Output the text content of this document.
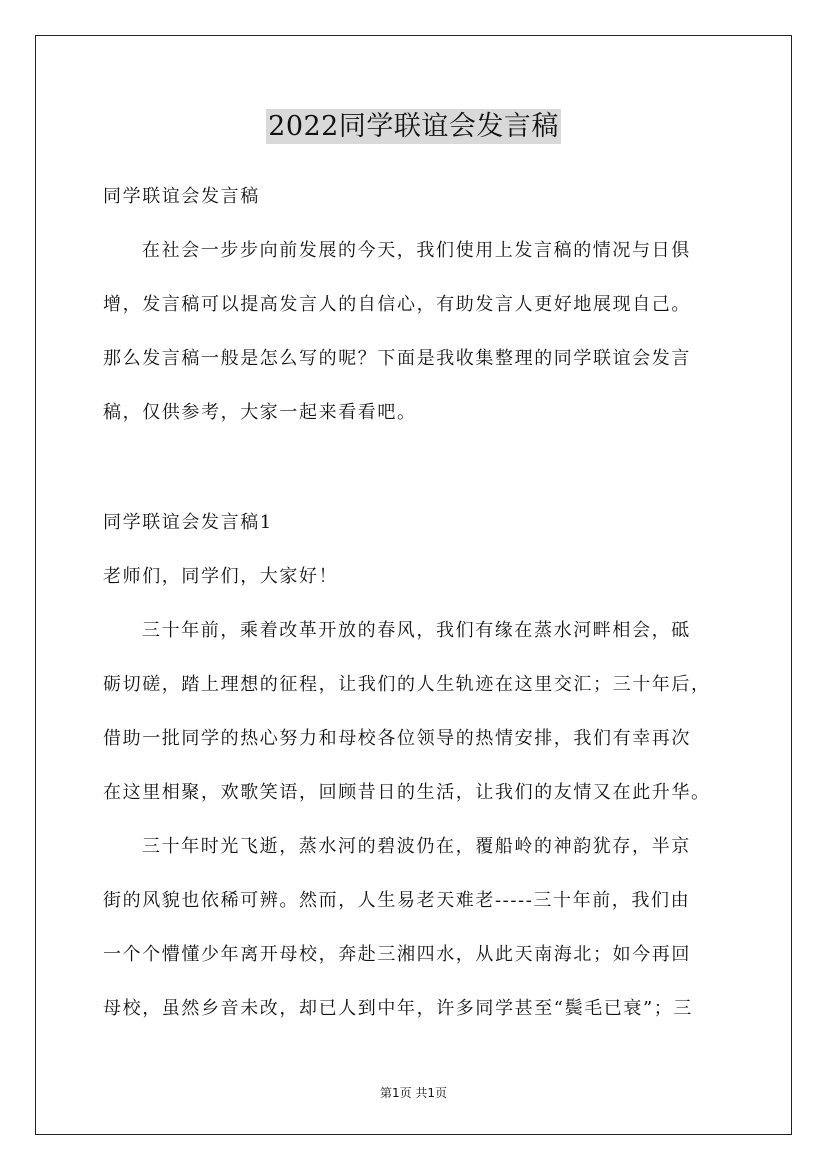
2022同学联谊会发言稿
同学联谊会发言稿
在社会一步步向前发展的今天，我们使用上发言稿的情况与日俱
增，发言稿可以提高发言人的自信心，有助发言人更好地展现自己。
那么发言稿一般是怎么写的呢？下面是我收集整理的同学联谊会发言
稿，仅供参考，大家一起来看看吧。
同学联谊会发言稿1
老师们，同学们，大家好！
三十年前，乘着改革开放的春风，我们有缘在蒸水河畔相会，砥
砺切磋，踏上理想的征程，让我们的人生轨迹在这里交汇；三十年后，
借助一批同学的热心努力和母校各位领导的热情安排，我们有幸再次
在这里相聚，欢歌笑语，回顾昔日的生活，让我们的友情又在此升华。
三十年时光飞逝，蒸水河的碧波仍在，覆船岭的神韵犹存，半京
街的风貌也依稀可辨。然而，人生易老天难老-----三十年前，我们由
一个个懵懂少年离开母校，奔赴三湘四水，从此天南海北；如今再回
母校，虽然乡音未改，却已人到中年，许多同学甚至“鬓毛已衰”；三
第1页 共1页
